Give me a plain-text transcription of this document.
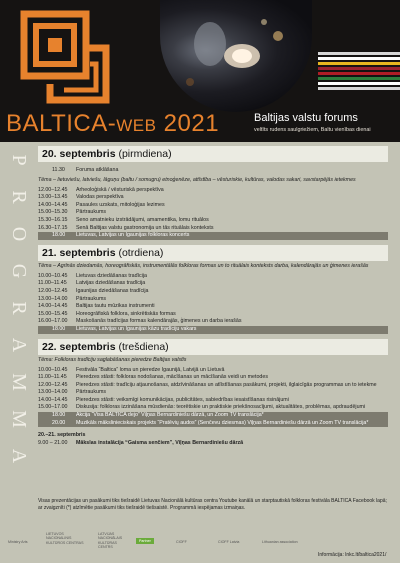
BALTICA-WEB 2021	Baltijas valstu forums
veltīts rudens saulgriežiem, Baltu vienības dienai
P
R
O
G
R
A
M
M
A
20. septembris (pirmdiena)
11.30	Foruma atklāšana
Tēma – lietuviešu, latviešu, lāguņu (baltu / somugru) etnoģenēze, attīstība – vēsturiskie, kultūras, valodas sakari, savstarpējās ietekmes
12.00–12.45	Arheoloģiskā / vēsturiskā perspektīva
13.00–13.45	Valodas perspektīva
14.00–14.45	Pasaules uzskats, mitoloģijas lezimes
15.00–15.30	Pārtraukums
15.30–16.15	Seno amatnieku izstrādājumi, amamentika, lomu rituālos
16.30–17.15	Senā Baltijas valstu gastronomija un tās rituālais konteksts
18.00	Lietuvas, Latvijas un Igaunijas folkloras koncerts
21. septembris (otrdiena)
Tēma – Agrīnās dziedamās, horeogrāfiskās, instrumentālās folkloras formas un to rituālais konteksts darba, kalendārajās un ģimenes ierašās
10.00–10.45	Lietuvas dziedāšanas tradīcija
11.00–11.45	Latvijas dziedāšanas tradīcija
12.00–12.45	Igaunijas dziedāšanas tradīcija
13.00–14.00	Pārtraukums
14.00–14.45	Baltijas tautu mūzikas instrumenti
15.00–15.45	Horeogrāfiskā folklora, sinkrētiskās formas
16.00–17.00	Maskošanās tradīcijas formas kalendārajās, ģimenes un darba ierašās
18.00	Lietuvas, Latvijas un Igaunijas kāzu tradīciju vakars
22. septembris (trešdiena)
Tēma: Folkloras tradīciju saglabāšanas pieredze Baltijas valstīs
10.00–10.45	Festivāla “Baltica” loma un pieredze Igaunijā, Latvijā un Lietuvā
11.00–11.45	Pieredzes stāsti: folkloras nodošanas, mācīšanas un mācīšanās veidi un metodes
12.00–12.45	Pieredzes stāsti: tradīciju atjaunošanas, atdzīvināšanas un atlīstīšanas pasākumi, projekti, ilglaicīgās programmas un to ietekme
13.00–14.00	Pārtraukums
14.00–14.45	Pieredzes stāsti: veiksmīgi komunikācijas, publicitātes, sabiedrības iesaistīšanas risinājumi
15.00–17.00	Diskusija: folkloras izzināšana mūsdienās: teorētiskie un praktiskie priekšnosacījumi, aktualitātes, problēmas, apdraudējumi
18.00	Akcija “Visa BALTICA dejo” Viļņas Bernardiniešu dārzā, un Zoom TV translācija*
20.00	Muzikāls mākslinieciskais projekts “Pratēvių audos” (Senčevu dziesmas) Viļņas Bernardiniešu dārzā un Zoom TV translācija*
20.–21. septembris
9.00 – 21.00	Mākslas instalācija “Gaisma senčiem”, Viļņas Bernardiniešu dārzā
Visas prezentācijas un pasākumi tiks tiešraidē Lietuvas Nacionālā kultūras centra Youtube kanālā un starptautiskā folkloras festivāla BALTICA Facebook lapā; ar zvaigznīti (*) atzīmētie pasākumi tiks tiešraidē tiešsaistē. Programmā iespējamas izmaiņas.
Ministry Arts
LIETUVOS NACIONALINIS KULTŪROS CENTRAS
LATVIJAS NACIONĀLAIS KULTŪRAS CENTRS
Partner	CIOFF	CIOFF Latvia	Lithuanian association
Informācija: lnkc.lt/baltica2021/
